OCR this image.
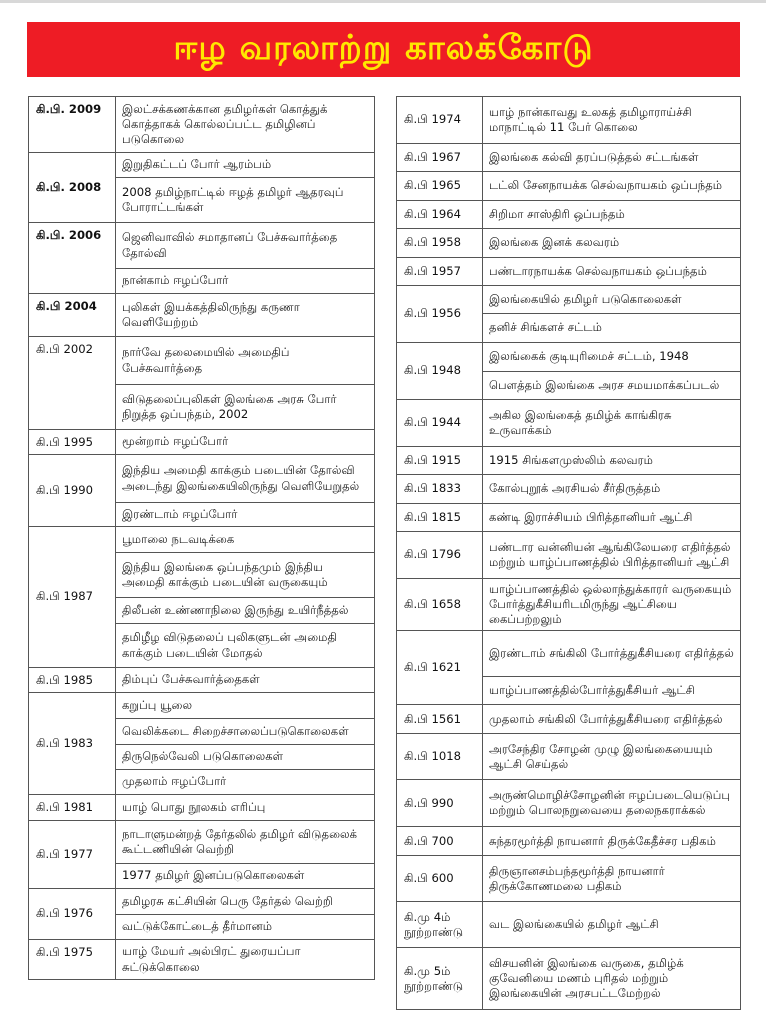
ஈழ வரலாற்று காலக்கோடு
கி.பி. 2009	இலட்சக்கணக்கான தமிழர்கள் கொத்துக் கொத்தாகக் கொல்லப்பட்ட தமிழினப் படுகொலை
கி.பி. 2008	இறுதிகட்டப் போர் ஆரம்பம்
	2008 தமிழ்நாட்டில் ஈழத் தமிழர் ஆதரவுப் போராட்டங்கள்
கி.பி. 2006	ஜெனிவாவில் சமாதானப் பேச்சுவார்த்தை தோல்வி
	நான்காம் ஈழப்போர்
கி.பி 2004	புலிகள் இயக்கத்திலிருந்து கருணா வெளியேற்றம்
கி.பி 2002	நார்வே தலைமையில் அமைதிப் பேச்சுவார்த்தை
	விடுதலைப்புலிகள் இலங்கை அரசு போர் நிறுத்த ஒப்பந்தம், 2002
கி.பி 1995	மூன்றாம் ஈழப்போர்
கி.பி 1990	இந்திய அமைதி காக்கும் படையின் தோல்வி அடைந்து இலங்கையிலிருந்து வெளியேறுதல்
	இரண்டாம் ஈழப்போர்
கி.பி 1987	பூமாலை நடவடிக்கை
	இந்திய இலங்கை ஒப்பந்தமும் இந்திய அமைதி காக்கும் படையின் வருகையும்
	திலீபன் உண்ணாநிலை இருந்து உயிர்நீத்தல்
	தமிழீழ விடுதலைப் புலிகளுடன் அமைதி காக்கும் படையின் மோதல்
கி.பி 1985	திம்புப் பேச்சுவார்த்தைகள்
கி.பி 1983	கறுப்பு யூலை
	வெலிக்கடை சிறைச்சாலைப்படுகொலைகள்
	திருநெல்வேலி படுகொலைகள்
	முதலாம் ஈழப்போர்
கி.பி 1981	யாழ் பொது நூலகம் எரிப்பு
கி.பி 1977	நாடாளுமன்றத் தேர்தலில் தமிழர் விடுதலைக் கூட்டணியின் வெற்றி
	1977 தமிழர் இனப்படுகொலைகள்
கி.பி 1976	தமிழரசு கட்சியின் பெரு தேர்தல் வெற்றி
	வட்டுக்கோட்டைத் தீர்மானம்
கி.பி 1975	யாழ் மேயர் அல்பிரட் துரையப்பா சுட்டுக்கொலை
கி.பி 1974	யாழ் நான்காவது உலகத் தமிழாராய்ச்சி மாநாட்டில் 11 பேர் கொலை
கி.பி 1967	இலங்கை கல்வி தரப்படுத்தல் சட்டங்கள்
கி.பி 1965	டட்லி சேனநாயக்க செல்வநாயகம் ஒப்பந்தம்
கி.பி 1964	சிறிமா சாஸ்திரி ஒப்பந்தம்
கி.பி 1958	இலங்கை இனக் கலவரம்
கி.பி 1957	பண்டாரநாயக்க செல்வநாயகம் ஒப்பந்தம்
கி.பி 1956	இலங்கையில் தமிழர் படுகொலைகள்
	தனிச் சிங்களச் சட்டம்
கி.பி 1948	இலங்கைக் குடியுரிமைச் சட்டம், 1948
	பௌத்தம் இலங்கை அரச சமயமாக்கப்படல்
கி.பி 1944	அகில இலங்கைத் தமிழ்க் காங்கிரசு உருவாக்கம்
கி.பி 1915	1915 சிங்களமுஸ்லிம் கலவரம்
கி.பி 1833	கோல்புறூக் அரசியல் சீர்திருத்தம்
கி.பி 1815	கண்டி இராச்சியம் பிரித்தானியர் ஆட்சி
கி.பி 1796	பண்டார வன்னியன் ஆங்கிலேயரை எதிர்த்தல் மற்றும் யாழ்ப்பாணத்தில் பிரித்தானியர் ஆட்சி
கி.பி 1658	யாழ்ப்பாணத்தில் ஒல்லாந்துக்காரர் வருகையும் போர்த்துகீசியரிடமிருந்து ஆட்சியை கைப்பற்றலும்
கி.பி 1621	இரண்டாம் சங்கிலி போர்த்துகீசியரை எதிர்த்தல்
	யாழ்ப்பாணத்தில்போர்த்துகீசியர் ஆட்சி
கி.பி 1561	முதலாம் சங்கிலி போர்த்துகீசியரை எதிர்த்தல்
கி.பி 1018	அரசேந்திர சோழன் முழு இலங்கையையும் ஆட்சி செய்தல்
கி.பி 990	அருண்மொழிச்சோழனின் ஈழப்படையெடுப்பு மற்றும் பொலநறுவையை தலைநகராக்கல்
கி.பி 700	சுந்தரமூர்த்தி நாயனார் திருக்கேதீச்சர பதிகம்
கி.பி 600	திருஞானசம்பந்தமூர்த்தி நாயனார் திருக்கோணமலை பதிகம்
கி.மு 4ம் நூற்றாண்டு	வட இலங்கையில் தமிழர் ஆட்சி
கி.மு 5ம் நூற்றாண்டு	விசயனின் இலங்கை வருகை, தமிழ்க் குவேனியை மணம் புரிதல் மற்றும் இலங்கையின் அரசபட்டமேற்றல்
